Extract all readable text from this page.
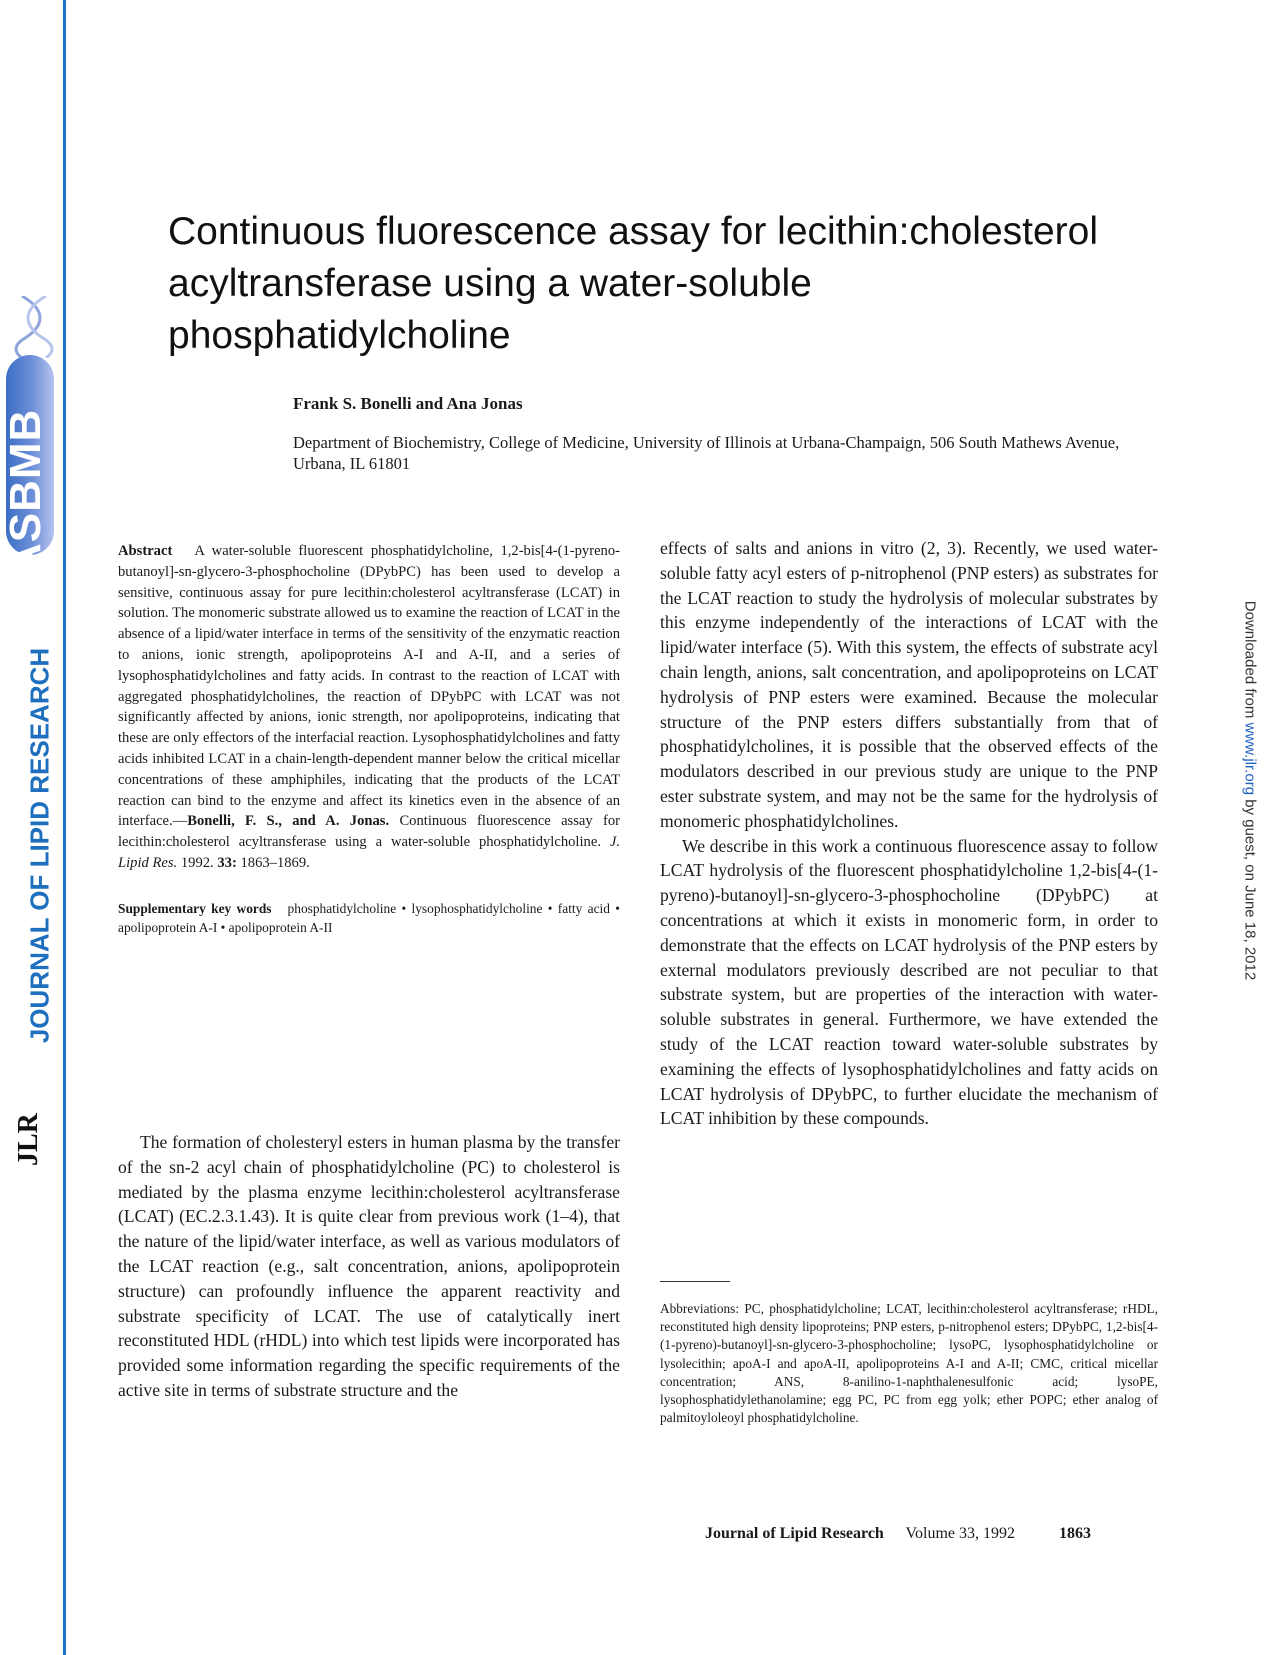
ASBMB
JOURNAL OF LIPID RESEARCH
JLR
Continuous fluorescence assay for lecithin:cholesterol acyltransferase using a water-soluble phosphatidylcholine
Frank S. Bonelli and Ana Jonas
Department of Biochemistry, College of Medicine, University of Illinois at Urbana-Champaign, 506 South Mathews Avenue, Urbana, IL 61801

Abstract A water-soluble fluorescent phosphatidylcholine, 1,2-bis[4-(1-pyreno-butanoyl]-sn-glycero-3-phosphocholine (DPybPC) has been used to develop a sensitive, continuous assay for pure lecithin:cholesterol acyltransferase (LCAT) in solution. The monomeric substrate allowed us to examine the reaction of LCAT in the absence of a lipid/water interface in terms of the sensitivity of the enzymatic reaction to anions, ionic strength, apolipoproteins A-I and A-II, and a series of lysophosphatidylcholines and fatty acids. In contrast to the reaction of LCAT with aggregated phosphatidylcholines, the reaction of DPybPC with LCAT was not significantly affected by anions, ionic strength, nor apolipoproteins, indicating that these are only effectors of the interfacial reaction. Lysophosphatidylcholines and fatty acids inhibited LCAT in a chain-length-dependent manner below the critical micellar concentrations of these amphiphiles, indicating that the products of the LCAT reaction can bind to the enzyme and affect its kinetics even in the absence of an interface.—Bonelli, F. S., and A. Jonas. Continuous fluorescence assay for lecithin:cholesterol acyltransferase using a water-soluble phosphatidylcholine. J. Lipid Res. 1992. 33: 1863–1869.

Supplementary key words phosphatidylcholine • lysophosphatidylcholine • fatty acid • apolipoprotein A-I • apolipoprotein A-II

The formation of cholesteryl esters in human plasma by the transfer of the sn-2 acyl chain of phosphatidylcholine (PC) to cholesterol is mediated by the plasma enzyme lecithin:cholesterol acyltransferase (LCAT) (EC.2.3.1.43). It is quite clear from previous work (1–4), that the nature of the lipid/water interface, as well as various modulators of the LCAT reaction (e.g., salt concentration, anions, apolipoprotein structure) can profoundly influence the apparent reactivity and substrate specificity of LCAT. The use of catalytically inert reconstituted HDL (rHDL) into which test lipids were incorporated has provided some information regarding the specific requirements of the active site in terms of substrate structure and the

effects of salts and anions in vitro (2, 3). Recently, we used water-soluble fatty acyl esters of p-nitrophenol (PNP esters) as substrates for the LCAT reaction to study the hydrolysis of molecular substrates by this enzyme independently of the interactions of LCAT with the lipid/water interface (5). With this system, the effects of substrate acyl chain length, anions, salt concentration, and apolipoproteins on LCAT hydrolysis of PNP esters were examined. Because the molecular structure of the PNP esters differs substantially from that of phosphatidylcholines, it is possible that the observed effects of the modulators described in our previous study are unique to the PNP ester substrate system, and may not be the same for the hydrolysis of monomeric phosphatidylcholines.

We describe in this work a continuous fluorescence assay to follow LCAT hydrolysis of the fluorescent phosphatidylcholine 1,2-bis[4-(1-pyreno)-butanoyl]-sn-glycero-3-phosphocholine (DPybPC) at concentrations at which it exists in monomeric form, in order to demonstrate that the effects on LCAT hydrolysis of the PNP esters by external modulators previously described are not peculiar to that substrate system, but are properties of the interaction with water-soluble substrates in general. Furthermore, we have extended the study of the LCAT reaction toward water-soluble substrates by examining the effects of lysophosphatidylcholines and fatty acids on LCAT hydrolysis of DPybPC, to further elucidate the mechanism of LCAT inhibition by these compounds.

Abbreviations: PC, phosphatidylcholine; LCAT, lecithin:cholesterol acyltransferase; rHDL, reconstituted high density lipoproteins; PNP esters, p-nitrophenol esters; DPybPC, 1,2-bis[4-(1-pyreno)-butanoyl]-sn-glycero-3-phosphocholine; lysoPC, lysophosphatidylcholine or lysolecithin; apoA-I and apoA-II, apolipoproteins A-I and A-II; CMC, critical micellar concentration; ANS, 8-anilino-1-naphthalenesulfonic acid; lysoPE, lysophosphatidylethanolamine; egg PC, PC from egg yolk; ether POPC; ether analog of palmitoyloleoyl phosphatidylcholine.

Downloaded from www.jlr.org by guest, on June 18, 2012
Journal of Lipid Research Volume 33, 1992	1863
